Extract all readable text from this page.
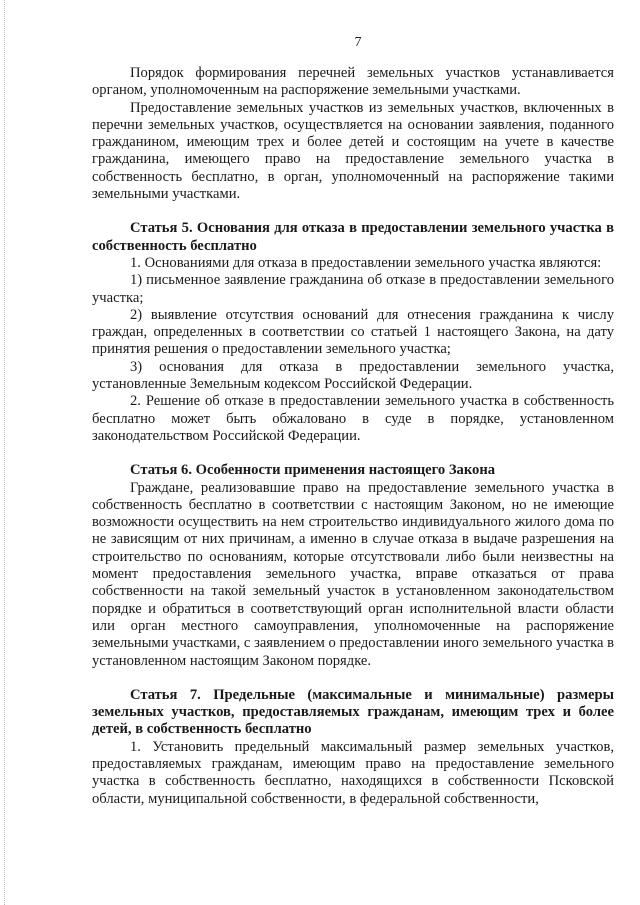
7

Порядок формирования перечней земельных участков устанавливается органом, уполномоченным на распоряжение земельными участками.

Предоставление земельных участков из земельных участков, включенных в перечни земельных участков, осуществляется на основании заявления, поданного гражданином, имеющим трех и более детей и состоящим на учете в качестве гражданина, имеющего право на предоставление земельного участка в собственность бесплатно, в орган, уполномоченный на распоряжение такими земельными участками.

Статья 5. Основания для отказа в предоставлении земельного участка в собственность бесплатно

1. Основаниями для отказа в предоставлении земельного участка являются:

1) письменное заявление гражданина об отказе в предоставлении земельного участка;

2) выявление отсутствия оснований для отнесения гражданина к числу граждан, определенных в соответствии со статьей 1 настоящего Закона, на дату принятия решения о предоставлении земельного участка;

3) основания для отказа в предоставлении земельного участка, установленные Земельным кодексом Российской Федерации.

2. Решение об отказе в предоставлении земельного участка в собственность бесплатно может быть обжаловано в суде в порядке, установленном законодательством Российской Федерации.

Статья 6. Особенности применения настоящего Закона

Граждане, реализовавшие право на предоставление земельного участка в собственность бесплатно в соответствии с настоящим Законом, но не имеющие возможности осуществить на нем строительство индивидуального жилого дома по не зависящим от них причинам, а именно в случае отказа в выдаче разрешения на строительство по основаниям, которые отсутствовали либо были неизвестны на момент предоставления земельного участка, вправе отказаться от права собственности на такой земельный участок в установленном законодательством порядке и обратиться в соответствующий орган исполнительной власти области или орган местного самоуправления, уполномоченные на распоряжение земельными участками, с заявлением о предоставлении иного земельного участка в установленном настоящим Законом порядке.

Статья 7. Предельные (максимальные и минимальные) размеры земельных участков, предоставляемых гражданам, имеющим трех и более детей, в собственность бесплатно

1. Установить предельный максимальный размер земельных участков, предоставляемых гражданам, имеющим право на предоставление земельного участка в собственность бесплатно, находящихся в собственности Псковской области, муниципальной собственности, в федеральной собственности,
